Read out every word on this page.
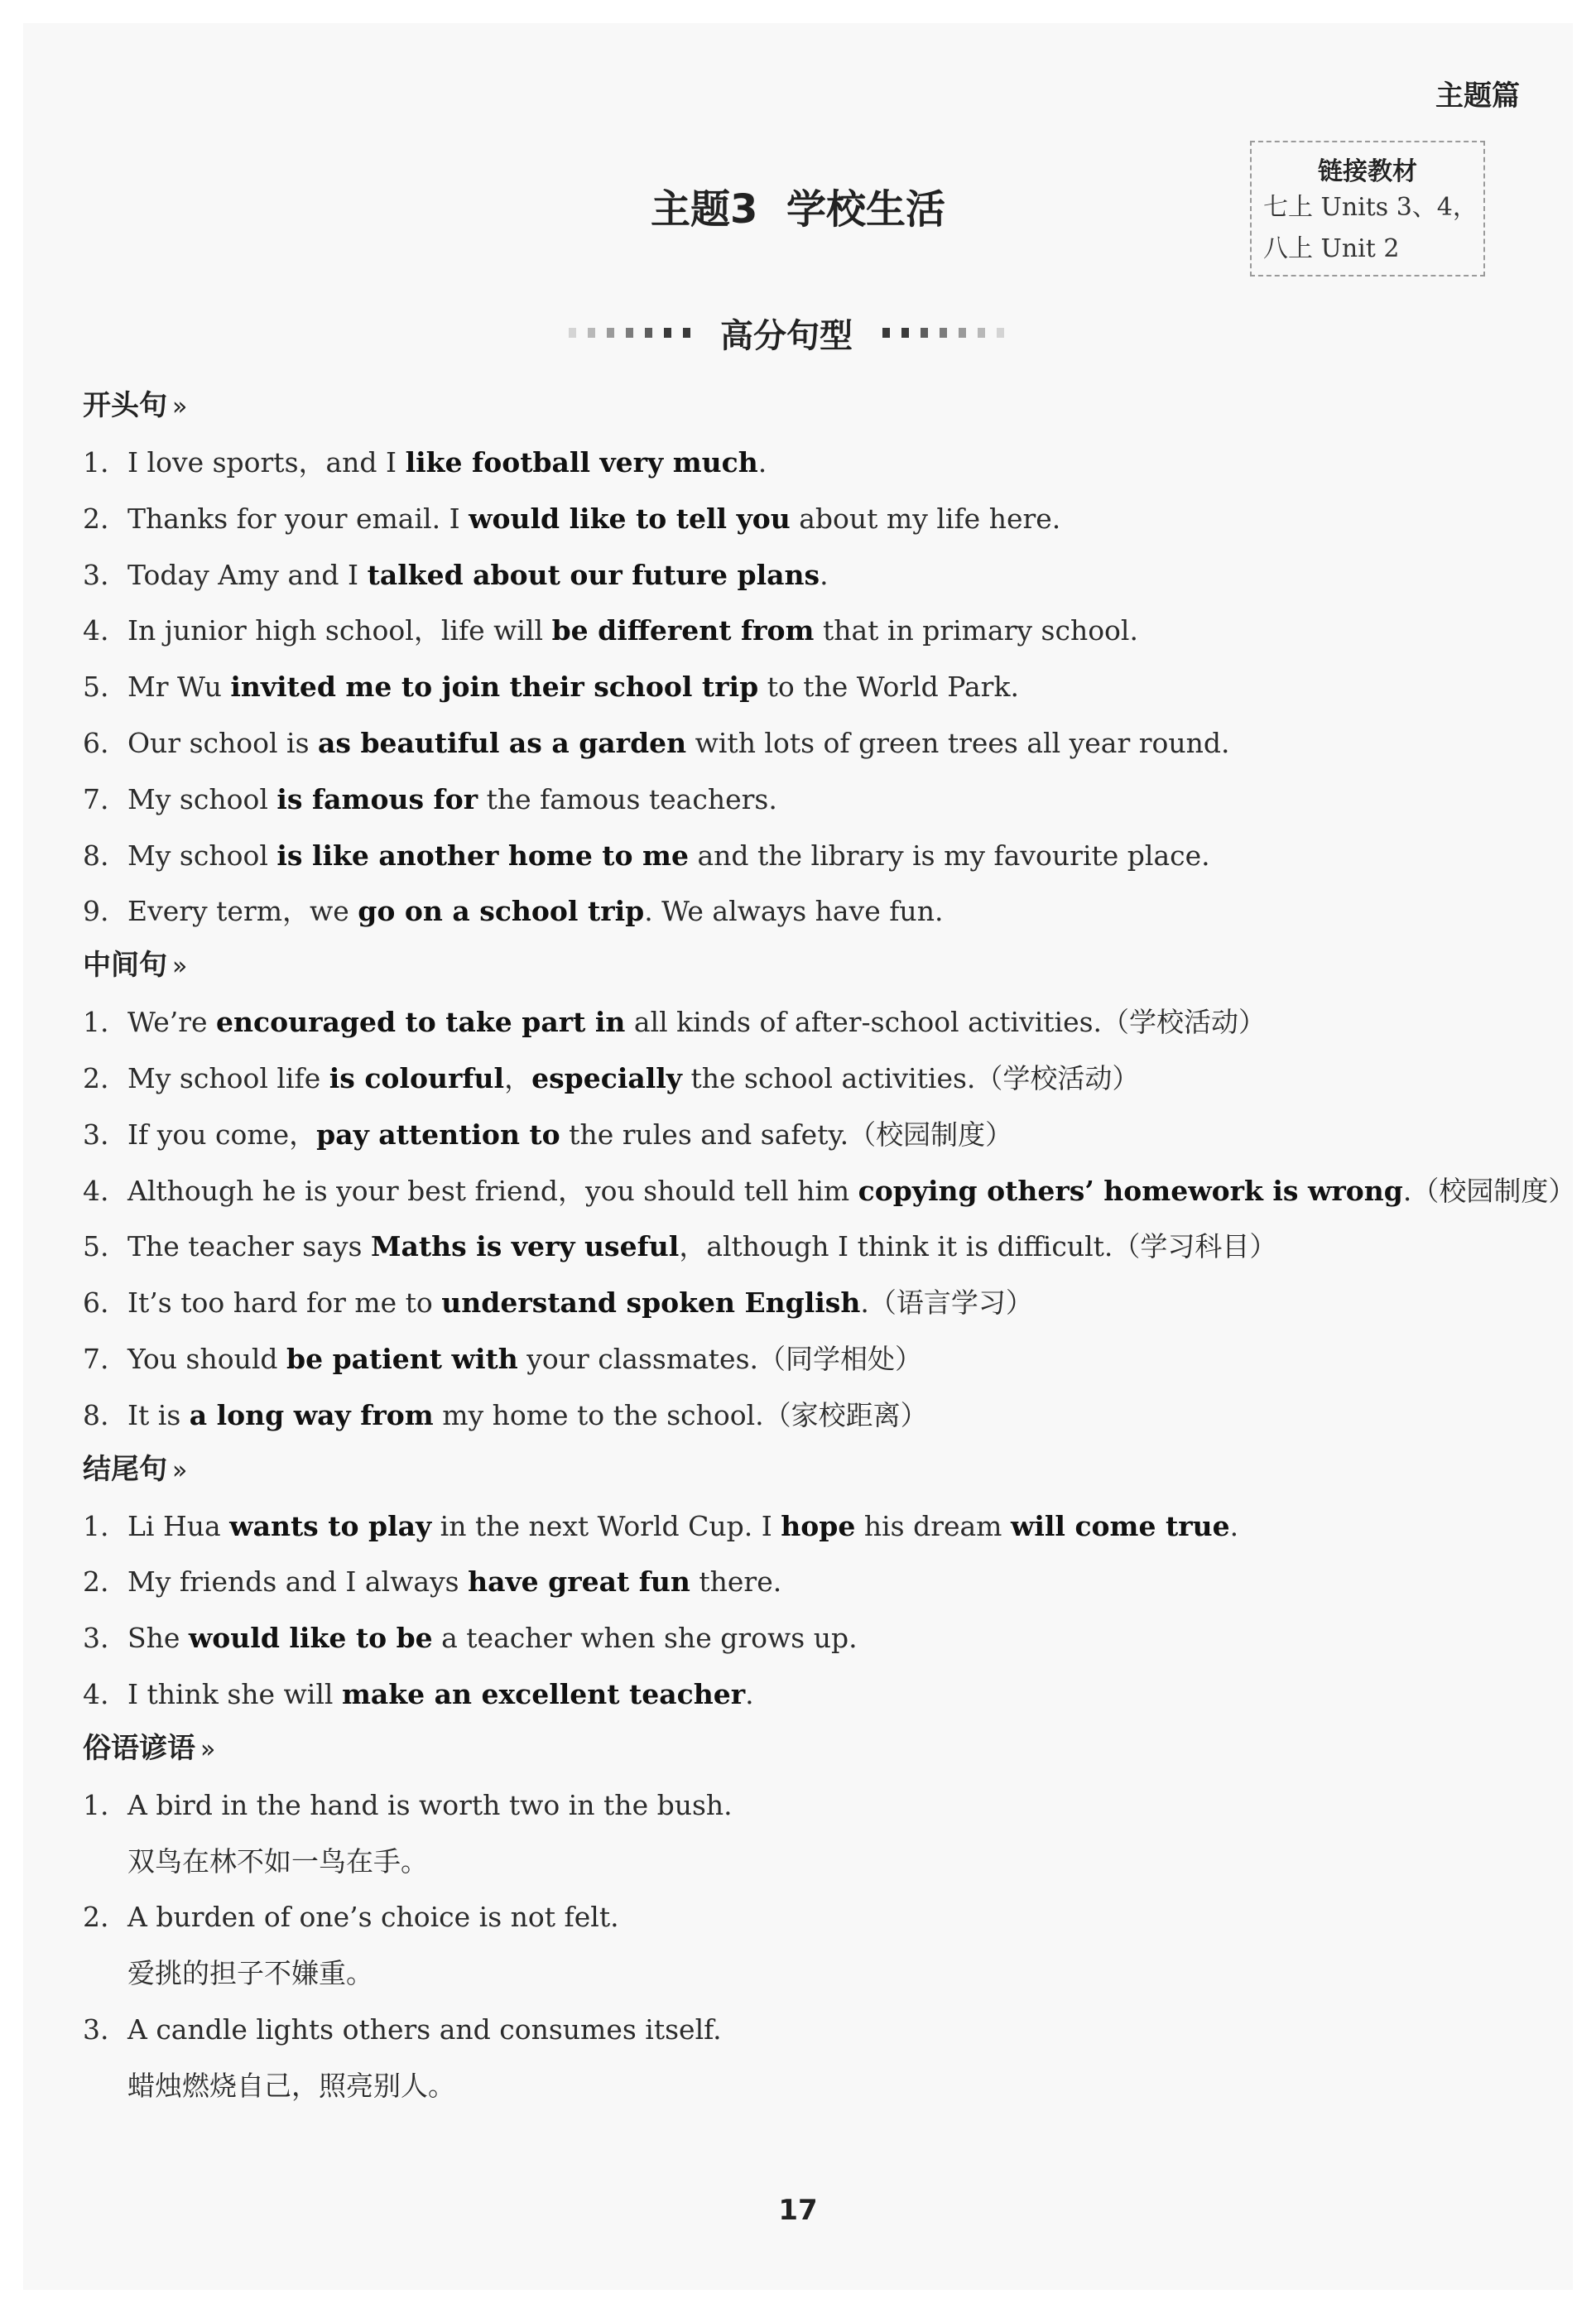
主题篇
链接教材
七上 Units 3、4，
八上 Unit 2
主题3 学校生活
高分句型
开头句 »
1. I love sports，and I like football very much.
2. Thanks for your email. I would like to tell you about my life here.
3. Today Amy and I talked about our future plans.
4. In junior high school，life will be different from that in primary school.
5. Mr Wu invited me to join their school trip to the World Park.
6. Our school is as beautiful as a garden with lots of green trees all year round.
7. My school is famous for the famous teachers.
8. My school is like another home to me and the library is my favourite place.
9. Every term，we go on a school trip. We always have fun.
中间句 »
1. We’re encouraged to take part in all kinds of after-school activities.（学校活动）
2. My school life is colourful，especially the school activities.（学校活动）
3. If you come，pay attention to the rules and safety.（校园制度）
4. Although he is your best friend，you should tell him copying others’ homework is wrong.（校园制度）
5. The teacher says Maths is very useful，although I think it is difficult.（学习科目）
6. It’s too hard for me to understand spoken English.（语言学习）
7. You should be patient with your classmates.（同学相处）
8. It is a long way from my home to the school.（家校距离）
结尾句 »
1. Li Hua wants to play in the next World Cup. I hope his dream will come true.
2. My friends and I always have great fun there.
3. She would like to be a teacher when she grows up.
4. I think she will make an excellent teacher.
俗语谚语 »
1. A bird in the hand is worth two in the bush.
双鸟在林不如一鸟在手。
2. A burden of one’s choice is not felt.
爱挑的担子不嫌重。
3. A candle lights others and consumes itself.
蜡烛燃烧自己，照亮别人。
17
